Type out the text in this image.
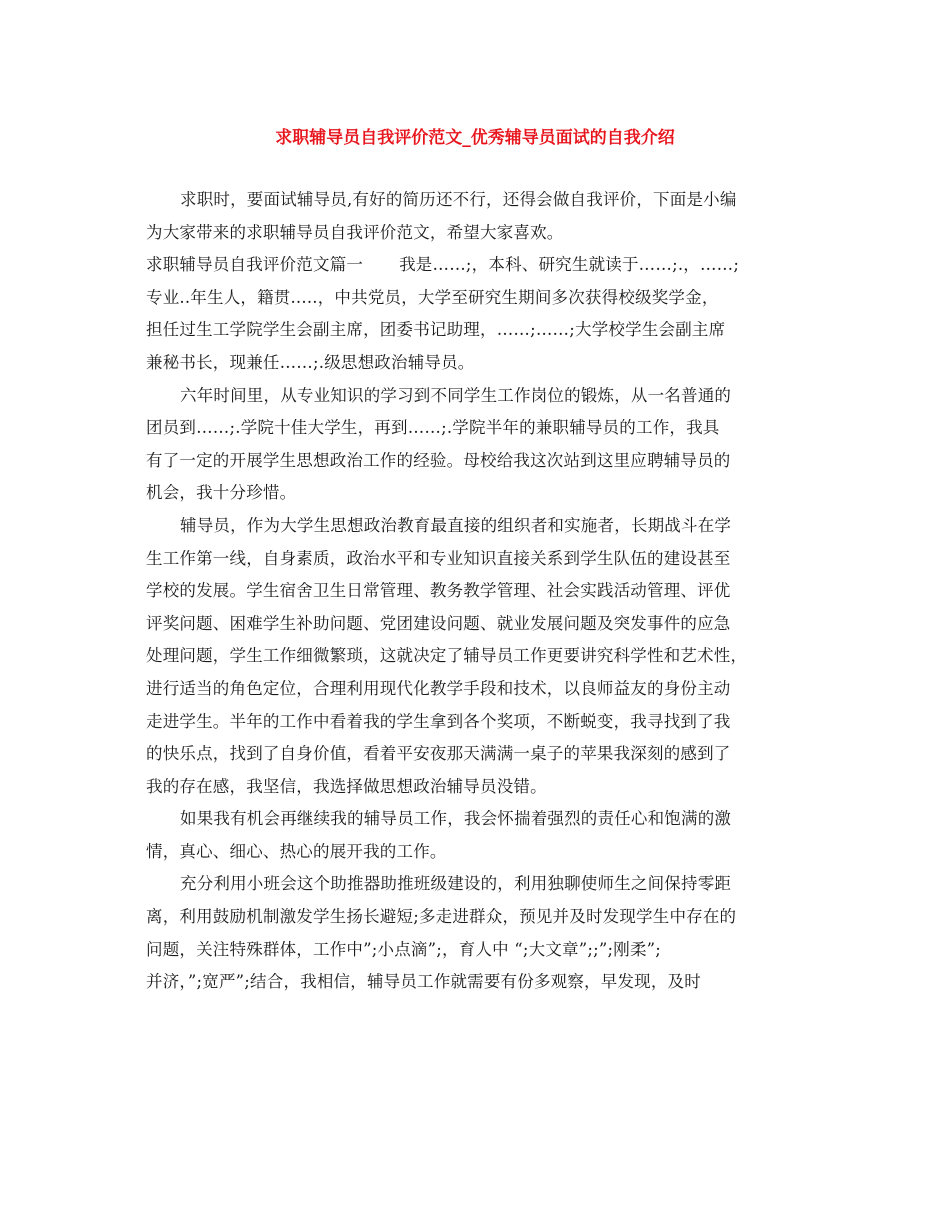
求职辅导员自我评价范文_优秀辅导员面试的自我介绍
求职时，要面试辅导员,有好的简历还不行，还得会做自我评价，下面是小编
为大家带来的求职辅导员自我评价范文，希望大家喜欢。
求职辅导员自我评价范文篇一 我是……;，本科、研究生就读于……;.，……;
专业..年生人，籍贯.....，中共党员，大学至研究生期间多次获得校级奖学金，
担任过生工学院学生会副主席，团委书记助理，……;……;大学校学生会副主席
兼秘书长，现兼任……;.级思想政治辅导员。
六年时间里，从专业知识的学习到不同学生工作岗位的锻炼，从一名普通的
团员到……;.学院十佳大学生，再到……;.学院半年的兼职辅导员的工作，我具
有了一定的开展学生思想政治工作的经验。母校给我这次站到这里应聘辅导员的
机会，我十分珍惜。
辅导员，作为大学生思想政治教育最直接的组织者和实施者，长期战斗在学
生工作第一线，自身素质，政治水平和专业知识直接关系到学生队伍的建设甚至
学校的发展。学生宿舍卫生日常管理、教务教学管理、社会实践活动管理、评优
评奖问题、困难学生补助问题、党团建设问题、就业发展问题及突发事件的应急
处理问题，学生工作细微繁琐，这就决定了辅导员工作更要讲究科学性和艺术性，
进行适当的角色定位，合理利用现代化教学手段和技术，以良师益友的身份主动
走进学生。半年的工作中看着我的学生拿到各个奖项，不断蜕变，我寻找到了我
的快乐点，找到了自身价值，看着平安夜那天满满一桌子的苹果我深刻的感到了
我的存在感，我坚信，我选择做思想政治辅导员没错。
如果我有机会再继续我的辅导员工作，我会怀揣着强烈的责任心和饱满的激
情，真心、细心、热心的展开我的工作。
充分利用小班会这个助推器助推班级建设的，利用独聊使师生之间保持零距
离，利用鼓励机制激发学生扬长避短;多走进群众，预见并及时发现学生中存在的
问题，关注特殊群体，工作中”;小点滴”;，育人中 “;大文章”;;”;刚柔”;
并济，”;宽严”;结合，我相信，辅导员工作就需要有份多观察，早发现，及时
